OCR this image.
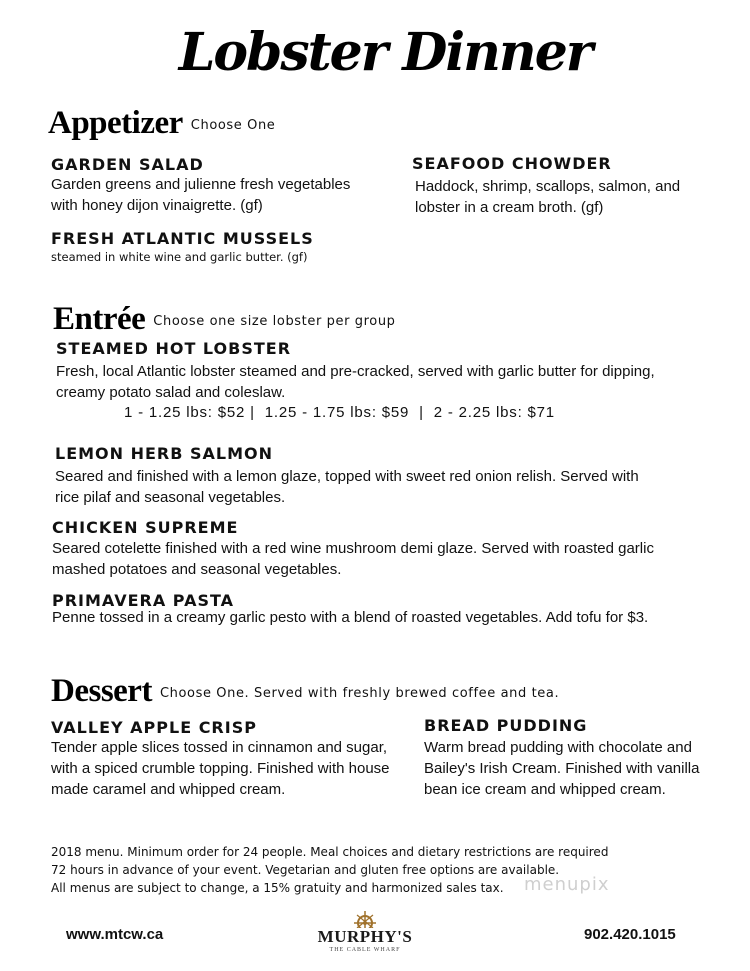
Lobster Dinner
Appetizer Choose One
GARDEN SALAD
Garden greens and julienne fresh vegetables with honey dijon vinaigrette. (gf)
SEAFOOD CHOWDER
Haddock, shrimp, scallops, salmon, and lobster in a cream broth. (gf)
FRESH ATLANTIC MUSSELS
steamed in white wine and garlic butter. (gf)
Entrée Choose one size lobster per group
STEAMED HOT LOBSTER
Fresh, local Atlantic lobster steamed and pre-cracked, served with garlic butter for dipping, creamy potato salad and coleslaw.
1 - 1.25 lbs: $52 |  1.25 - 1.75 lbs: $59  |  2 - 2.25 lbs: $71
LEMON HERB SALMON
Seared and finished with a lemon glaze, topped with sweet red onion relish. Served with rice pilaf and seasonal vegetables.
CHICKEN SUPREME
Seared cotelette finished with a red wine mushroom demi glaze. Served with roasted garlic mashed potatoes and seasonal vegetables.
PRIMAVERA PASTA
Penne tossed in a creamy garlic pesto with a blend of roasted vegetables. Add tofu for $3.
Dessert Choose One. Served with freshly brewed coffee and tea.
VALLEY APPLE CRISP
Tender apple slices tossed in cinnamon and sugar, with a spiced crumble topping. Finished with house made caramel and whipped cream.
BREAD PUDDING
Warm bread pudding with chocolate and Bailey's Irish Cream. Finished with vanilla bean ice cream and whipped cream.
2018 menu. Minimum order for 24 people. Meal choices and dietary restrictions are required
72 hours in advance of your event. Vegetarian and gluten free options are available.
All menus are subject to change, a 15% gratuity and harmonized sales tax.	menupix
www.mtcw.ca	902.420.1015
MURPHY'S
THE CABLE WHARF
